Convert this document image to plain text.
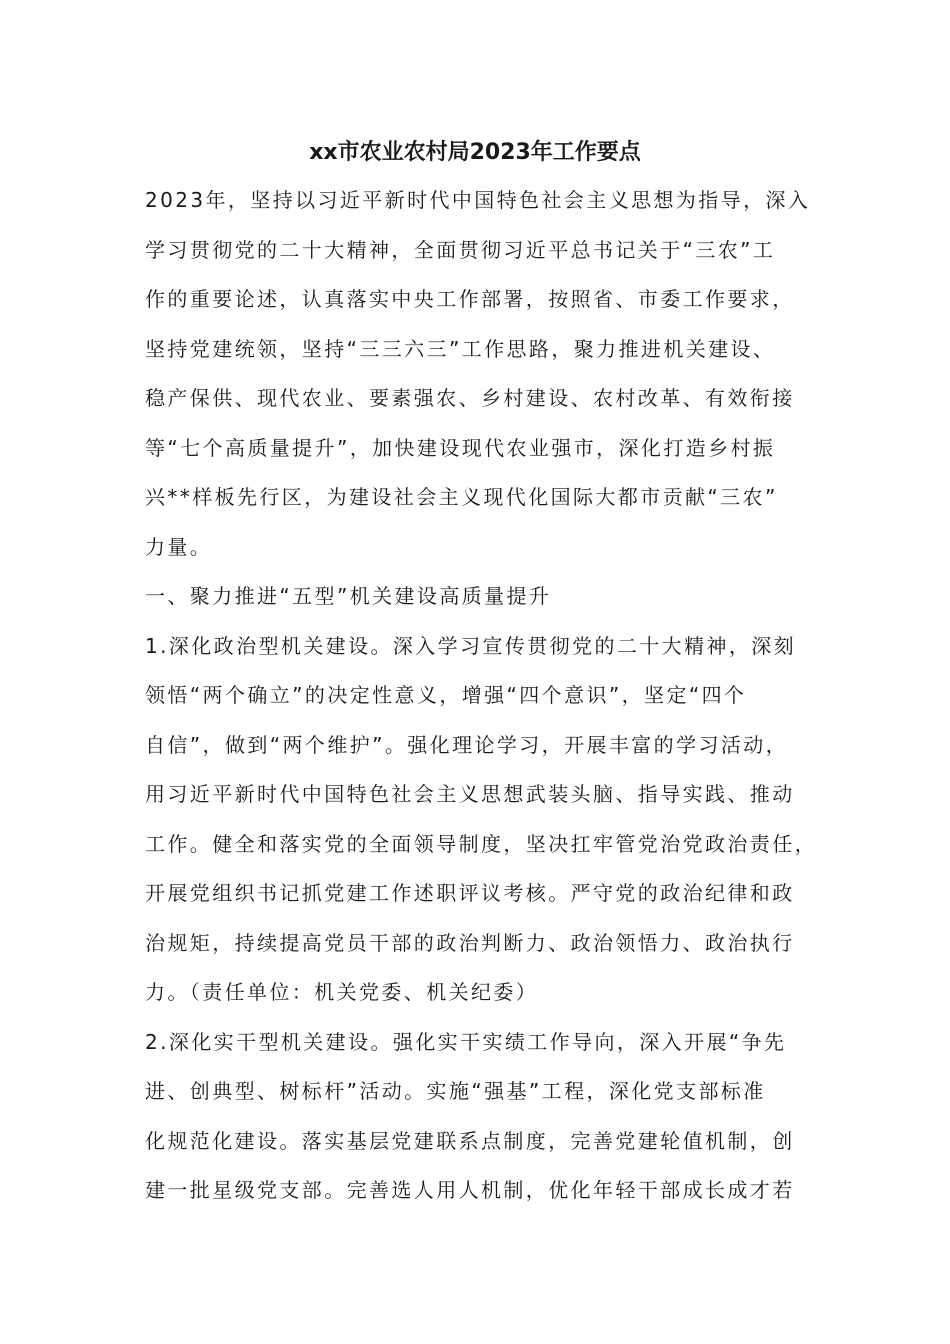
xx市农业农村局2023年工作要点
2023年，坚持以习近平新时代中国特色社会主义思想为指导，深入
学习贯彻党的二十大精神，全面贯彻习近平总书记关于“三农”工
作的重要论述，认真落实中央工作部署，按照省、市委工作要求，
坚持党建统领，坚持“三三六三”工作思路，聚力推进机关建设、
稳产保供、现代农业、要素强农、乡村建设、农村改革、有效衔接
等“七个高质量提升”，加快建设现代农业强市，深化打造乡村振
兴**样板先行区，为建设社会主义现代化国际大都市贡献“三农”
力量。
一、聚力推进“五型”机关建设高质量提升
1.深化政治型机关建设。深入学习宣传贯彻党的二十大精神，深刻
领悟“两个确立”的决定性意义，增强“四个意识”，坚定“四个
自信”，做到“两个维护”。强化理论学习，开展丰富的学习活动，
用习近平新时代中国特色社会主义思想武装头脑、指导实践、推动
工作。健全和落实党的全面领导制度，坚决扛牢管党治党政治责任，
开展党组织书记抓党建工作述职评议考核。严守党的政治纪律和政
治规矩，持续提高党员干部的政治判断力、政治领悟力、政治执行
力。（责任单位：机关党委、机关纪委）
2.深化实干型机关建设。强化实干实绩工作导向，深入开展“争先
进、创典型、树标杆”活动。实施“强基”工程，深化党支部标准
化规范化建设。落实基层党建联系点制度，完善党建轮值机制，创
建一批星级党支部。完善选人用人机制，优化年轻干部成长成才若
